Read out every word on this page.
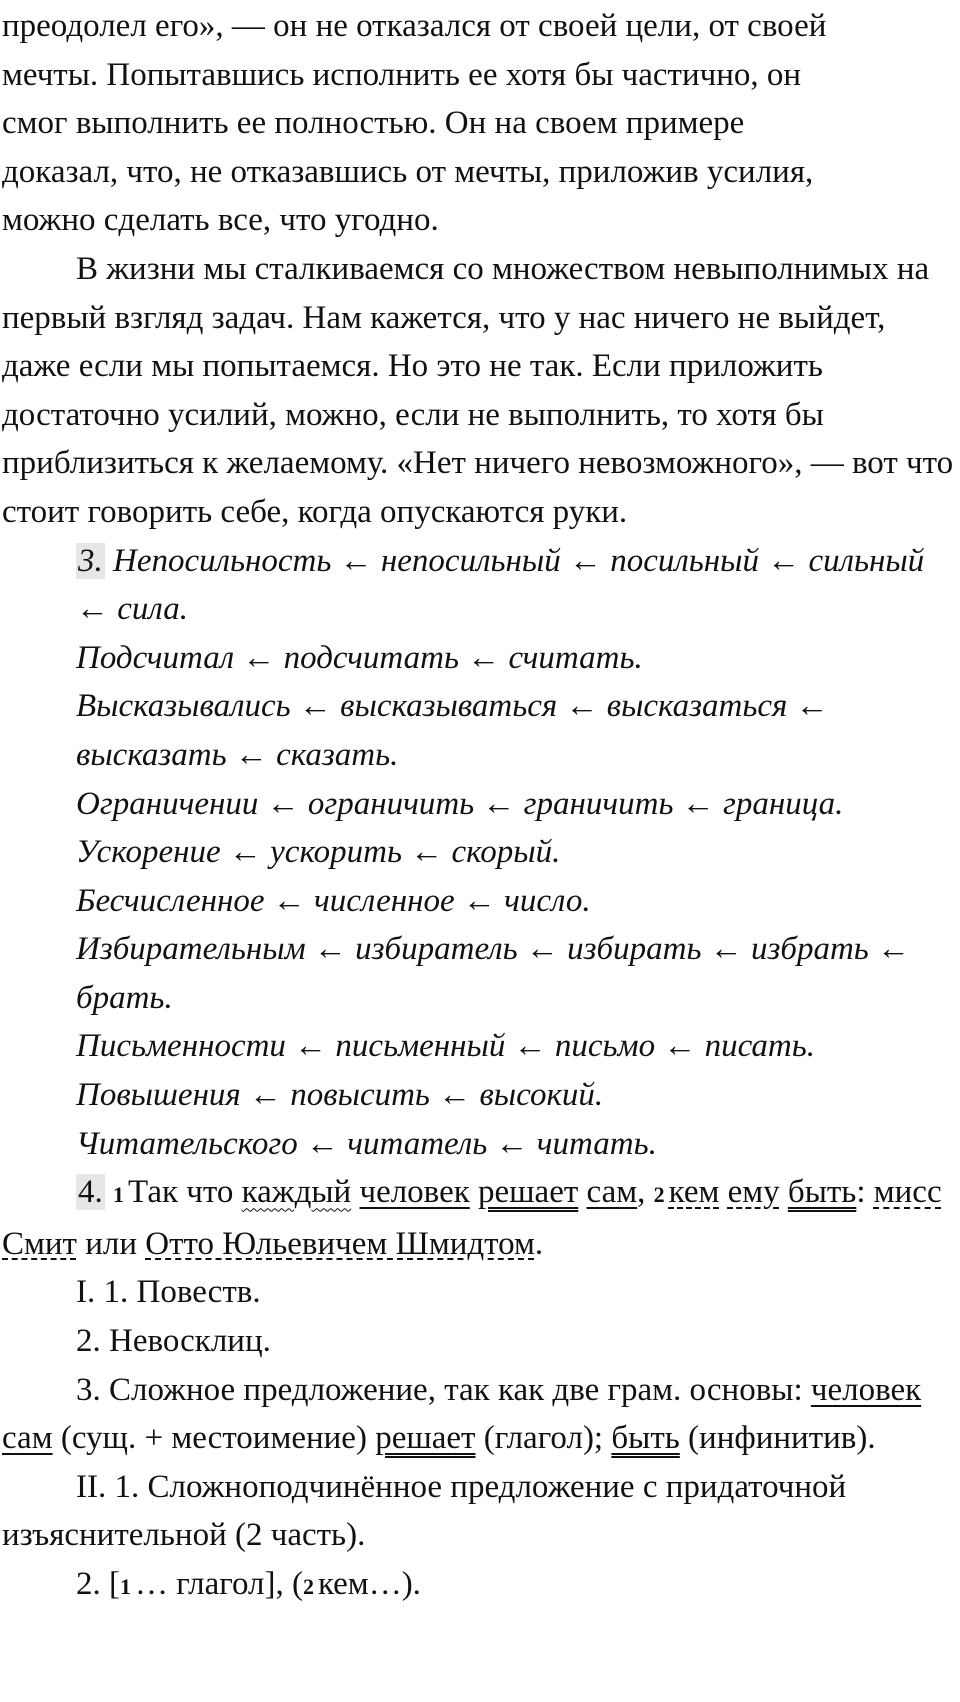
преодолел его», — он не отказался от своей цели, от своей
мечты. Попытавшись исполнить ее хотя бы частично, он
смог выполнить ее полностью. Он на своем примере
доказал, что, не отказавшись от мечты, приложив усилия,
можно сделать все, что угодно.

В жизни мы сталкиваемся со множеством невыполнимых на первый взгляд задач. Нам кажется, что у нас ничего не выйдет, даже если мы попытаемся. Но это не так. Если приложить достаточно усилий, можно, если не выполнить, то хотя бы приблизиться к желаемому. «Нет ничего невозможного», — вот что стоит говорить себе, когда опускаются руки.

3. Непосильность ← непосильный ← посильный ← сильный ← сила.

Подсчитал ← подсчитать ← считать.

Высказывались ← высказываться ← высказаться ← высказать ← сказать.

Ограничении ← ограничить ← граничить ← граница.

Ускорение ← ускорить ← скорый.

Бесчисленное ← численное ← число.

Избирательным ← избиратель ← избирать ← избрать ← брать.

Письменности ← письменный ← письмо ← писать.

Повышения ← повысить ← высокий.

Читательского ← читатель ← читать.

4. 1 Так что каждый человек решает сам, 2 кем ему быть: мисс Смит или Отто Юльевичем Шмидтом.

I. 1. Повеств.

2. Невосклиц.

3. Сложное предложение, так как две грам. основы: человек сам (сущ. + местоимение) решает (глагол); быть (инфинитив).

II. 1. Сложноподчинённое предложение с придаточной изъяснительной (2 часть).

2. [1 … глагол], (2 кем…).
